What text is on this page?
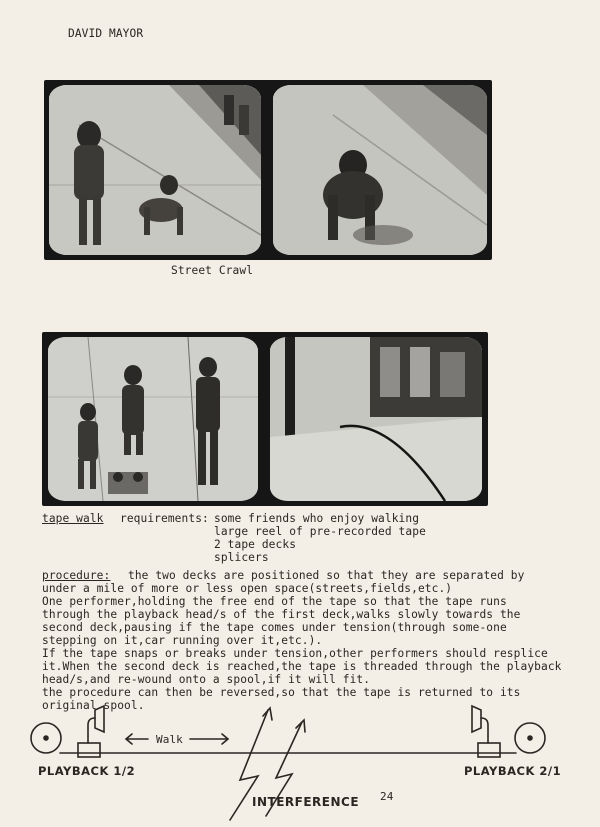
DAVID MAYOR
Street Crawl
tape walk requirements: some friends who enjoy walking
large reel of pre-recorded tape
2 tape decks
splicers
procedure: the two decks are positioned so that they are separated by
under a mile of more or less open space(streets,fields,etc.)
One performer,holding the free end of the tape so that the tape runs
through the playback head/s of the first deck,walks slowly towards the
second deck,pausing if the tape comes under tension(through some-one
stepping on it,car running over it,etc.).
If the tape snaps or breaks under tension,other performers should resplice
it.When the second deck is reached,the tape is threaded through the playback
head/s,and re-wound onto a spool,if it will fit.
the procedure can then be reversed,so that the tape is returned to its
original spool.
Walk
PLAYBACK 1/2	PLAYBACK 2/1
INTERFERENCE 24
